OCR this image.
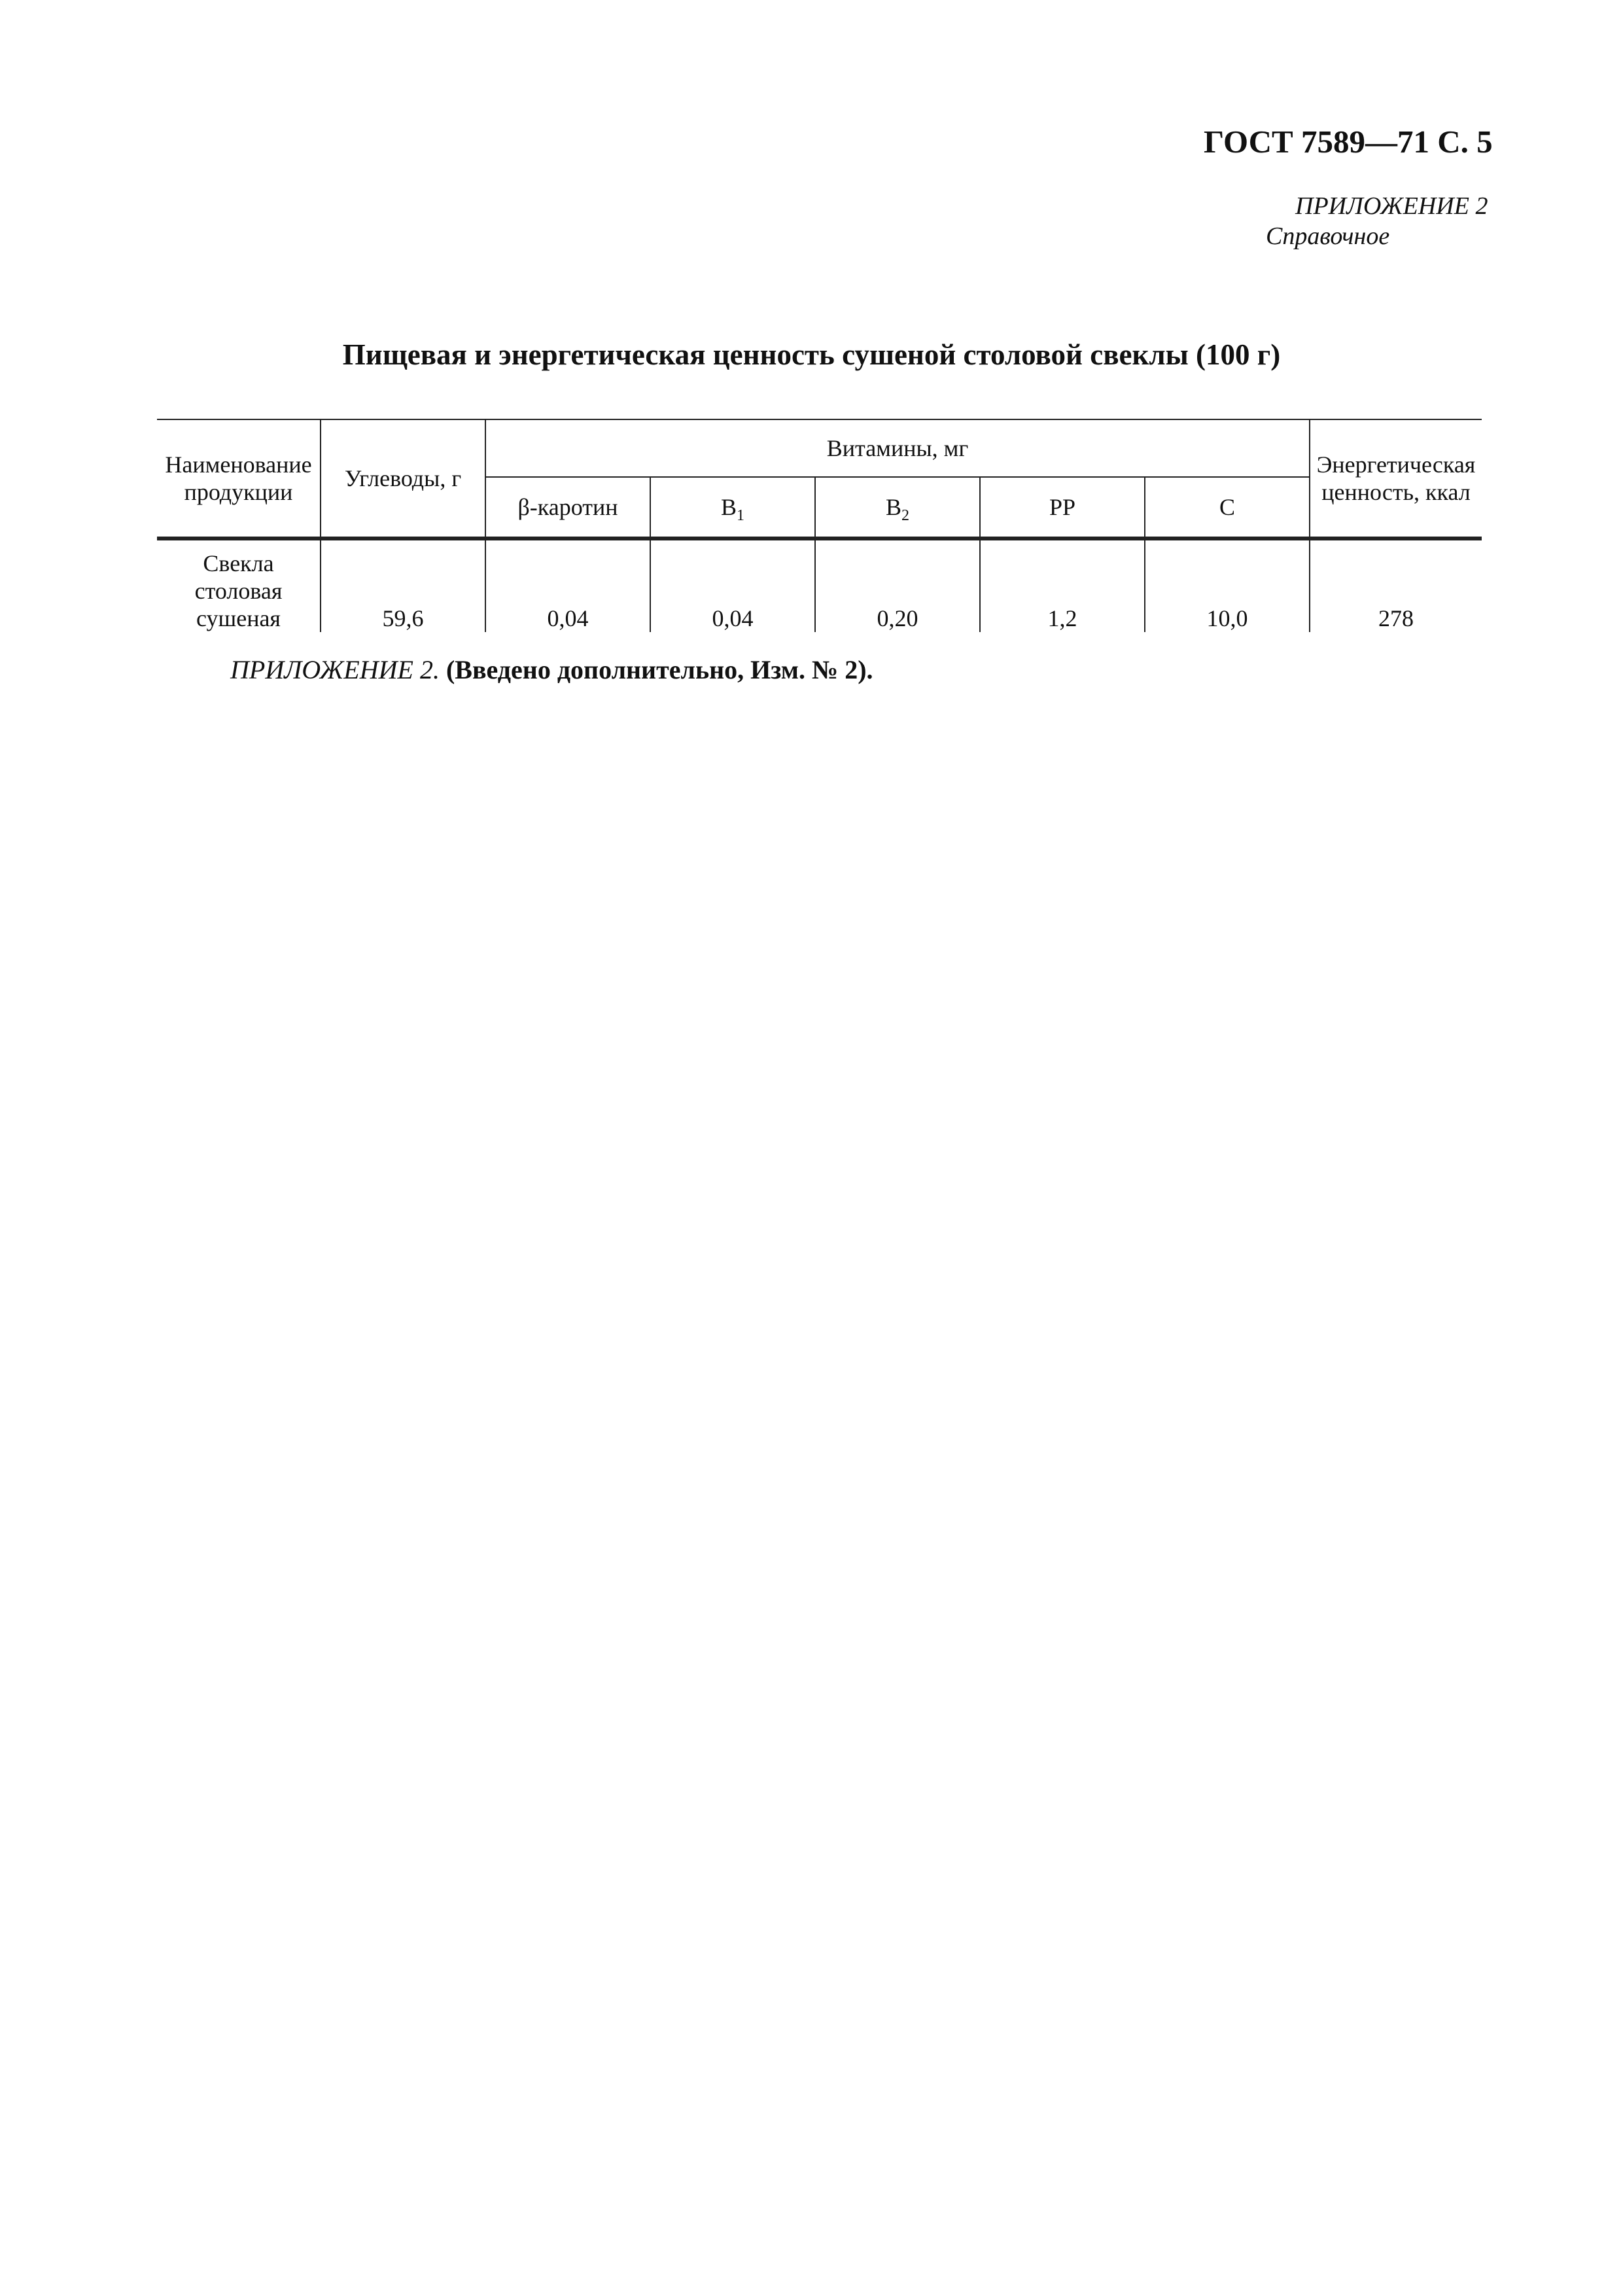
ГОСТ 7589—71 С. 5
ПРИЛОЖЕНИЕ 2
Справочное
Пищевая и энергетическая ценность сушеной столовой свеклы (100 г)
Наименование продукции	Углеводы, г	Витамины, мг					Энергетическая ценность, ккал
		β-каротин	$B_1$	$B_2$	PP	C	
Свекла столовая сушеная	59,6	0,04	0,04	0,20	1,2	10,0	278
ПРИЛОЖЕНИЕ 2. (Введено дополнительно, Изм. № 2).
